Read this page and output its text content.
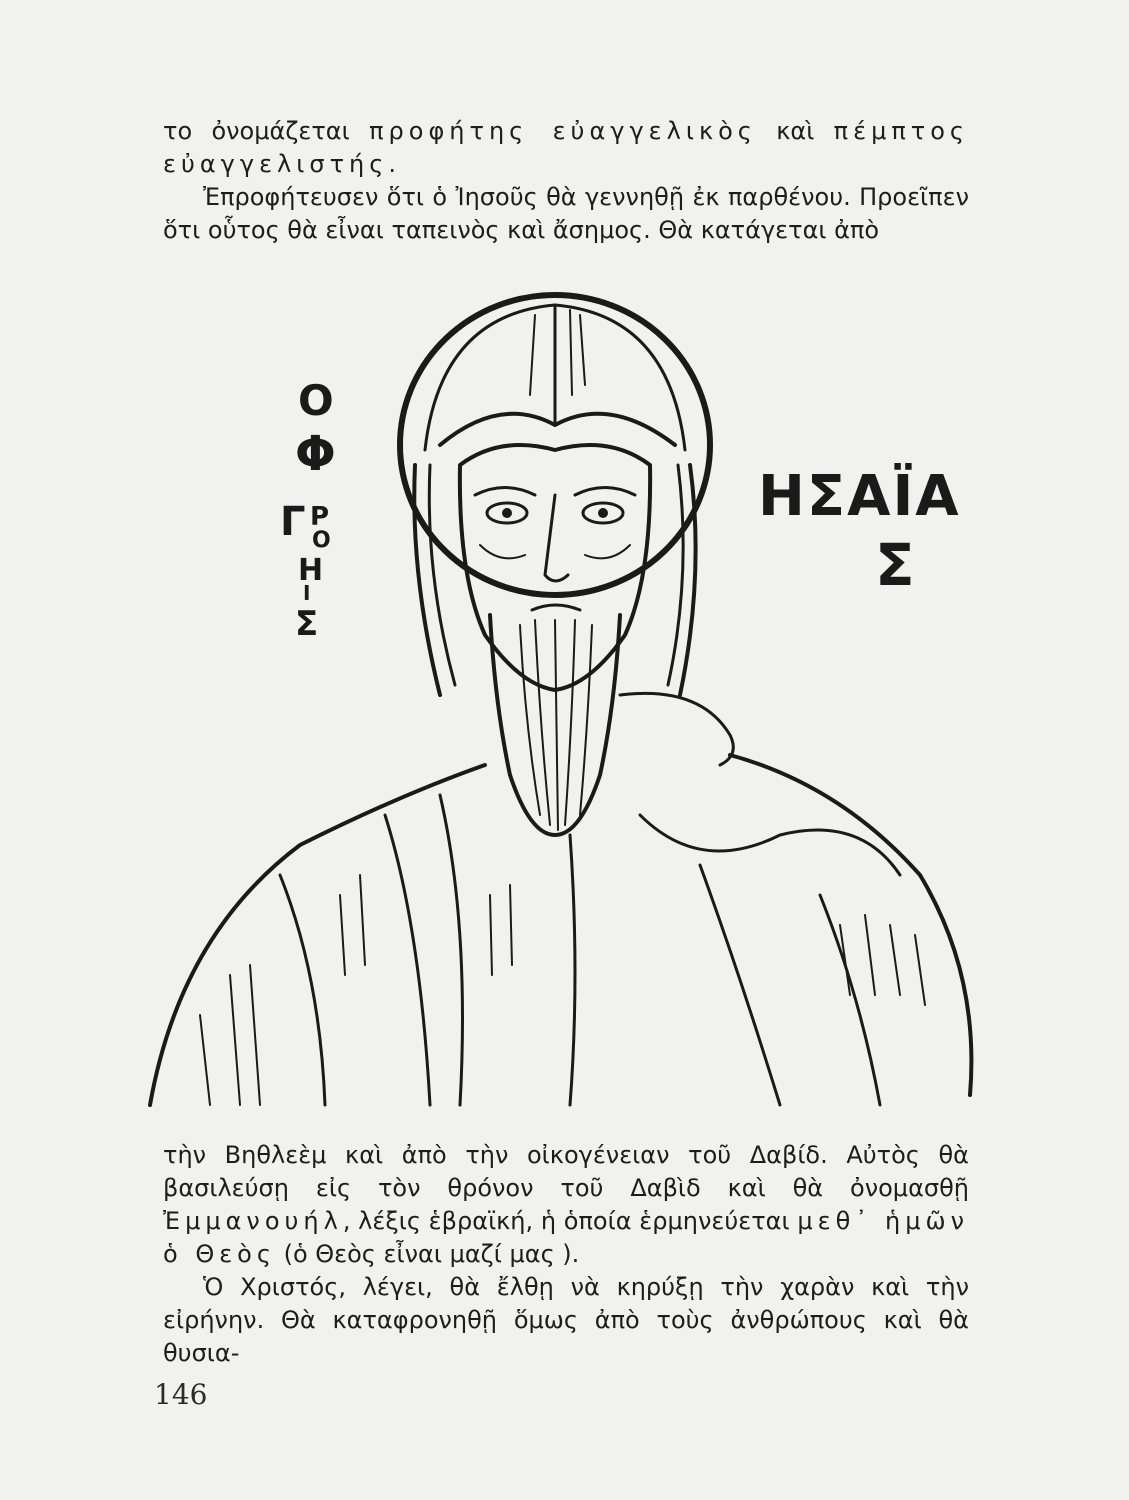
το ὀνομάζεται προφήτης εὐαγγελικὸς καὶ πέμπτος εὐαγγελιστής.

Ἐπροφήτευσεν ὅτι ὁ Ἰησοῦς θὰ γεννηθῇ ἐκ παρθένου. Προεῖπεν ὅτι οὗτος θὰ εἶναι ταπεινὸς καὶ ἄσημος. Θὰ κατάγεται ἀπὸ

Ο
Φ
Γ Ρ
Ο
Η
Ι
Σ
ΗΣΑΪΑ
Σ

τὴν Βηθλεὲμ καὶ ἀπὸ τὴν οἰκογένειαν τοῦ Δαβίδ. Αὐτὸς θὰ βασιλεύσῃ εἰς τὸν θρόνον τοῦ Δαβὶδ καὶ θὰ ὀνομασθῇ Ἐμμανουήλ, λέξις ἑβραϊκή, ἡ ὁποία ἑρμηνεύεται μεθ᾽ ἡμῶν ὁ Θεὸς (ὁ Θεὸς εἶναι μαζί μας ).

Ὁ Χριστός, λέγει, θὰ ἔλθῃ νὰ κηρύξῃ τὴν χαρὰν καὶ τὴν εἰρήνην. Θὰ καταφρονηθῇ ὅμως ἀπὸ τοὺς ἀνθρώπους καὶ θὰ θυσια-

146
